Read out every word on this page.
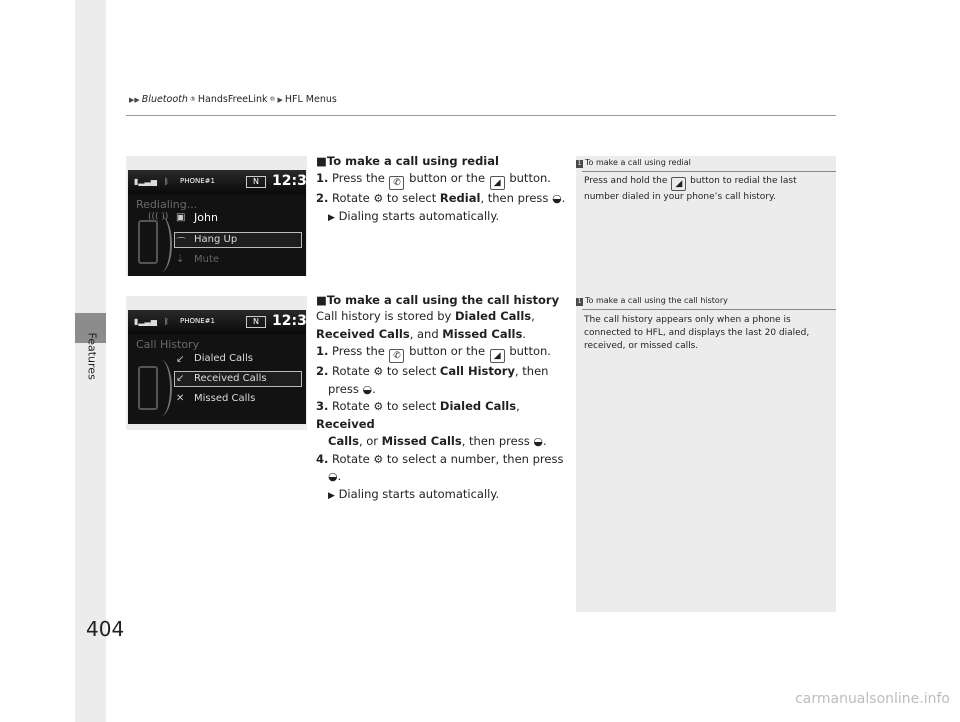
Features
▶▶ Bluetooth ® HandsFreeLink ® ▶ HFL Menus
▮▂▃▅ ᛒ PHONE#1	N 12:34
Redialing...
((( )) ▣ John
⌒ Hang Up
⇣ Mute
▮▂▃▅ ᛒ PHONE#1	N 12:34
Call History
↙ Dialed Calls
↙ Received Calls
✕ Missed Calls
■To make a call using redial
1. Press the ✆ button or the ◢ button.
2. Rotate ⚙ to select Redial, then press ◒.
▶ Dialing starts automatically.
■To make a call using the call history
Call history is stored by Dialed Calls,
Received Calls, and Missed Calls.
1. Press the ✆ button or the ◢ button.
2. Rotate ⚙ to select Call History, then
press ◒.
3. Rotate ⚙ to select Dialed Calls, Received
Calls, or Missed Calls, then press ◒.
4. Rotate ⚙ to select a number, then press
◒.
▶ Dialing starts automatically.
1 To make a call using redial
Press and hold the ◢ button to redial the last
number dialed in your phone’s call history.
1 To make a call using the call history
The call history appears only when a phone is
connected to HFL, and displays the last 20 dialed,
received, or missed calls.
404
carmanualsonline.info
